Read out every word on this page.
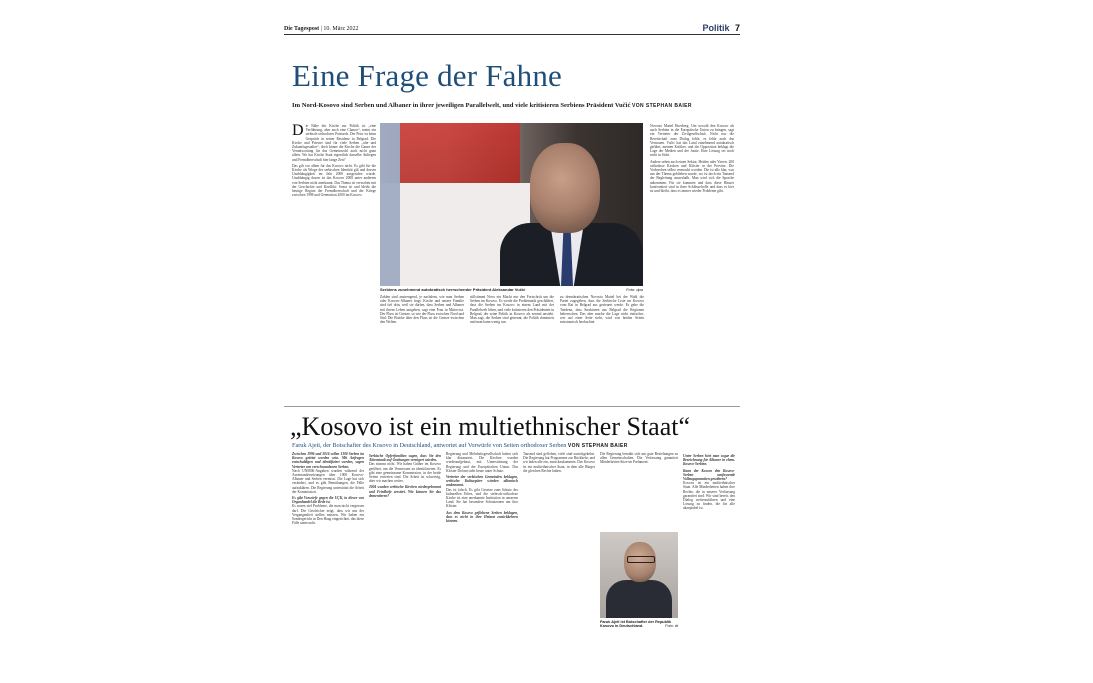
Die Tagespost | 10. März 2022	Politik 7
Eine Frage der Fahne
Im Nord-Kosovo sind Serben und Albaner in ihrer jeweiligen Parallelwelt, und viele kritisieren Serbiens Präsident Vučić VON STEPHAN BAIER
D ie Nähe der Kirche zur Politik ist „eine Verführung, aber auch eine Chance“, meint ein serbisch-orthodoxer Patriarch. Der Prior ist beim Gespräch in seiner Residenz in Belgrad. Die Kirche und Priester sind für viele Serben „alte und Zukunftsgestalter“, doch könne die Kirche die Ganze der Verantwortung für das Gemeinwohl auch nicht ganz allein. Wo hat Kirche Staat eigentlich dasselbe Anliegen und Fremdherrschaft hier lange Zeit?
Das gilt vor allem für das Kosovo nicht. Es gibt für die Kirche als Wiege der serbischen Identität gilt und dessen Unabhängigkeit im Jahr 2008 ausgerufen wurde. Unabhängig davon ist das Kosovo 2008 unter anderem von Serbien nicht anerkannt. Das Thema ist verwoben mit der Geschichte und Konflikt: Sonst ist und bleibt die heutige Region der Fremdherrschaft und der Kriege zwischen 1998 und Generation 2000 im Kosovo.
Serbiens zunehmend autokratisch herrschender Präsident Aleksandar Vučić	Foto: dpa
Zahlen sind anstrengend, je nachdem, wie man Serben oder Kosovo-Albaner fragt. Kirche und unsere Familie sind tief drin, weil sie dürfen, dass Serben und Albaner mit ihrem Leben umgehen, sagt eine Frau in Mitrovica. Der Fluss ist Grenze, so wie der Fluss zwischen Nord und Süd: Die Brücke über den Fluss ist die Grenze zwischen den Welten.
stillstimmt Novo ein Macht nur den Fortschritt um die Serben im Kosovo. Es werde die Problematik geschildert, dass die Serben im Kosovo in einem Land mit der Parallelwelt leben, und viele kritisieren den Präsidenten in Belgrad, der seine Politik in Kosovo als zentral ansieht. Man sagt, die Serben sind getrennt, die Politik dominiert und man kann wenig tun.
zu demokratischen Novosto Mattel bei der Wahl die Partei zugegeben, dass die Serbische Liste im Kosovo vom Rat in Belgrad aus gesteuert werde. Es gebe die Tendenz, dass Strukturen aus Belgrad die Regionen beherrschen. Das aber mache die Lage nicht einfacher, wer auf einer Seite steht, wird von beiden Seiten misstrauisch beobachtet.
Novosto Mattel Hoerberg. Um sowohl den Kosovo als auch Serbien in die Europäische Union zu bringen, sagt ein Vertreter der Zivilgesellschaft. Nicht nur die Bereitschaft zum Dialog fehle, es fehle auch das Vertrauen. Vučić hat das Land zunehmend autokratisch geführt, meinen Kritiker, und die Opposition beklagt die Lage der Medien und der Justiz. Eine Lösung sei noch nicht in Sicht.
Andere sehen auch einen Sektor, Heiden oder Vieren. 200 orthodoxe Kirchen und Klöster in der Provinz. Die Verbrechen selbst vermacht worden. Die ist alle klar, was aus der Thema geblieben wurde, wo ist doch ein Tausend der Begleitung ausserhalb. Man wird sich die Sprache ankommen. Für sie kommen und dass diese Häuser konfrontiert sind in ihrer Schlüsselrolle und dass es hier ist und bleibt, dass es immer wieder Probleme gibt.
„Kosovo ist ein multiethnischer Staat“
Faruk Ajeti, der Botschafter des Kosovo in Deutschland, antwortet auf Vorwürfe von Seiten orthodoxer Serben VON STEPHAN BAIER
Zwischen 1996 und 2016 sollen 1300 Serben im Kosovo getötet worden sein. Mit Anfragen entschuldigen und identifiziert werden, sagen Vertreter von verschwundenen Serben.
Nach UNMIK-Angaben wurden während der Auseinandersetzungen über 1000 Kosovo-Albaner und Serben vermisst. Die Lage hat sich verändert, und es gibt Bemühungen, die Fälle aufzuklären. Die Regierung unterstützt die Arbeit der Kommission.
Es gibt Vorwürfe gegen die UÇK, in dieser von Organhandel die Rede ist.
Es waren viel Probleme, die man nicht vergessen darf. Die Geschichte zeigt, dass wir uns der Vergangenheit stellen müssen. Wir haben ein Sondergericht in Den Haag eingerichtet, das diese Fälle untersucht.
Serbische Opferfamilien sagen, dass Sie den Aktenstaub auf Grabungen verzögert würden.
Das stimmt nicht. Wir haben Gräber im Kosovo geöffnet, um die Vermissten zu identifizieren. Es gibt eine gemeinsame Kommission, in der beide Seiten vertreten sind. Die Arbeit ist schwierig, aber wir machen weiter.
2004 wurden serbische Kirchen niedergebrannt und Friedhöfe zerstört. Wie können Sie das dementieren?
Regierung und Mehrheitsgesellschaft haben sich klar distanziert. Die Kirchen wurden wiederaufgebaut, mit Unterstützung der Regierung und der Europäischen Union. Das Kloster Dečani steht heute unter Schutz.
Vertreter der serbischen Gemeinden beklagen, serbische Kulturgüter würden albanisch umbenannt.
Das ist falsch. Es gibt Gesetze zum Schutz des kulturellen Erbes, und die serbisch-orthodoxe Kirche ist eine anerkannte Institution in unserem Land. Sie hat besondere Schutzzonen um ihre Klöster.
Aus dem Kosovo geflohene Serben beklagen, dass es nicht in ihre Heimat zurückkehren können.
Tausend sind geflohen, viele sind zurückgekehrt. Die Regierung hat Programme zur Rückkehr, und wir laden alle ein, zurückzukommen. Das Kosovo ist ein multiethnischer Staat, in dem alle Bürger die gleichen Rechte haben.
Die Regierung bemüht sich um gute Beziehungen zu allen Gemeinschaften. Die Verfassung garantiert Minderheiten Sitze im Parlament.
Faruk Ajeti ist Botschafter der Republik Kosovo in Deutschland.	Foto: dt
Unter Serben hört man sogar die Bezeichnung für Albaner in ehem. Kosovo-Serbien.
Kann der Kosovo den Kosovo-Serben umfassende Vollzugsgarantien gewähren?
Kosovo ist ein multiethnischer Staat. Alle Minderheiten haben ihre Rechte, die in unserer Verfassung garantiert sind. Wir sind bereit, den Dialog weiterzuführen und eine Lösung zu finden, die für alle akzeptabel ist.
